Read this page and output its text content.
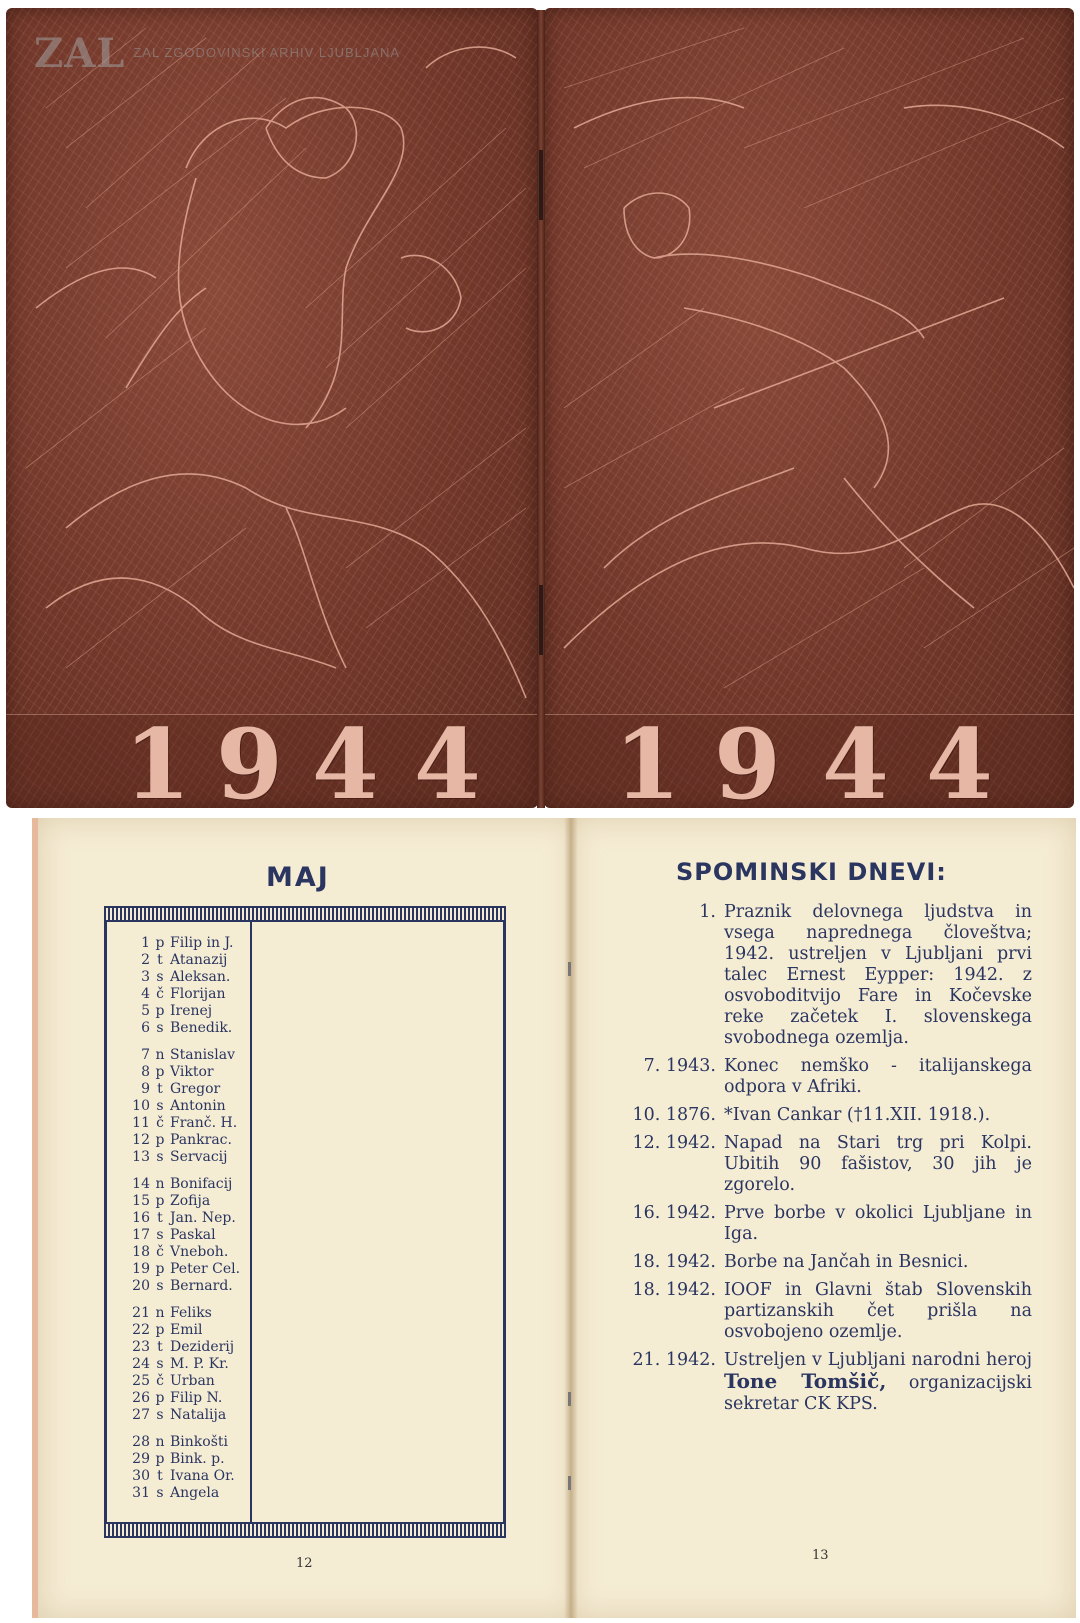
ZAL ZAL ZGODOVINSKI ARHIV LJUBLJANA
1 9 4 4 1 9 4 4
MAJ
1 p Filip in J.
2 t Atanazij
3 s Aleksan.
4 č Florijan
5 p Irenej
6 s Benedik.
7 n Stanislav
8 p Viktor
9 t Gregor
10 s Antonin
11 č Franč. H.
12 p Pankrac.
13 s Servacij
14 n Bonifacij
15 p Zofija
16 t Jan. Nep.
17 s Paskal
18 č Vneboh.
19 p Peter Cel.
20 s Bernard.
21 n Feliks
22 p Emil
23 t Deziderij
24 s M. P. Kr.
25 č Urban
26 p Filip N.
27 s Natalija
28 n Binkošti
29 p Bink. p.
30 t Ivana Or.
31 s Angela
12
SPOMINSKI DNEVI:
1. Praznik delovnega ljudstva in vsega naprednega človeštva; 1942. ustreljen v Ljubljani prvi talec Ernest Eypper: 1942. z osvoboditvijo Fare in Kočevske reke začetek I. slovenskega svobodnega ozemlja.
7. 1943. Konec nemško - italijanskega odpora v Afriki.
10. 1876. *Ivan Cankar (†11.XII. 1918.).
12. 1942. Napad na Stari trg pri Kolpi. Ubitih 90 fašistov, 30 jih je zgorelo.
16. 1942. Prve borbe v okolici Ljubljane in Iga.
18. 1942. Borbe na Jančah in Besnici.
18. 1942. IOOF in Glavni štab Slovenskih partizanskih čet prišla na osvobojeno ozemlje.
21. 1942. Ustreljen v Ljubljani narodni heroj Tone Tomšič, organizacijski sekretar CK KPS.
13
